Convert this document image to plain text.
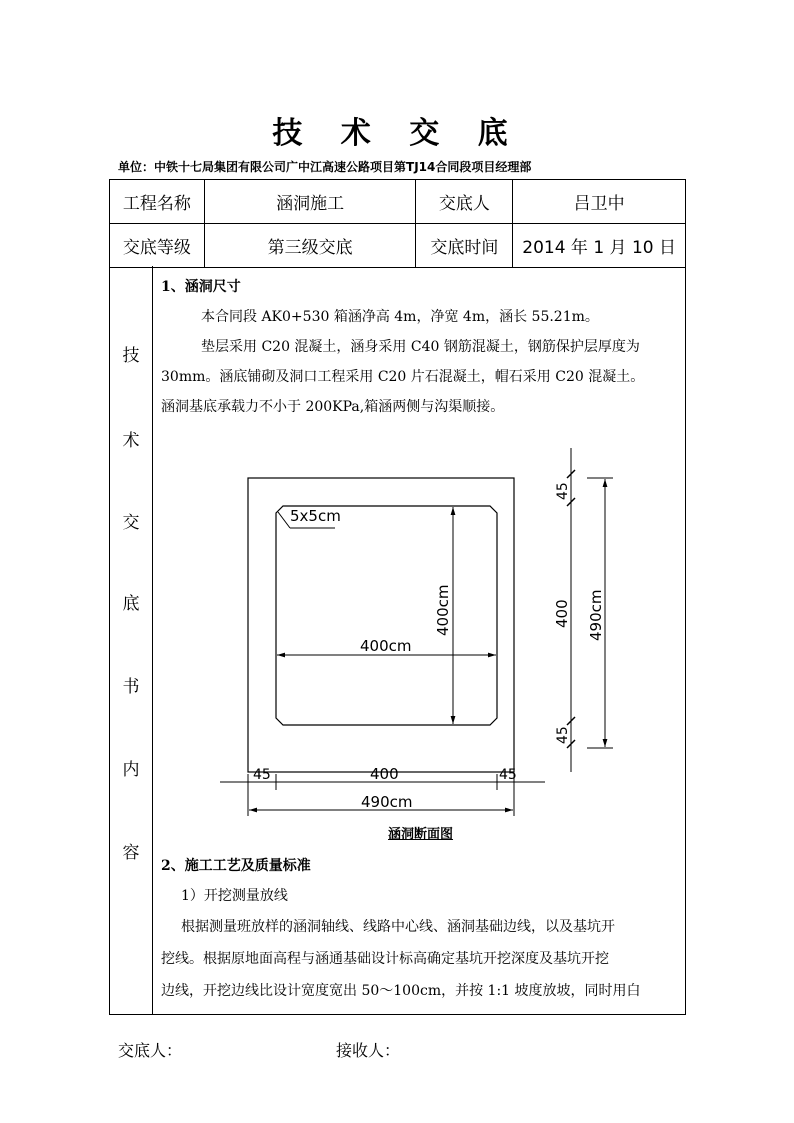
技 术 交 底
单位：中铁十七局集团有限公司广中江高速公路项目第TJ14合同段项目经理部
工程名称	涵洞施工	交底人	吕卫中
交底等级	第三级交底	交底时间	2014 年 1 月 10 日
技
术
交
底
书
内
容
1、涵洞尺寸
本合同段 AK0+530 箱涵净高 4m，净宽 4m，涵长 55.21m。
垫层采用 C20 混凝土，涵身采用 C40 钢筋混凝土，钢筋保护层厚度为
30mm。涵底铺砌及洞口工程采用 C20 片石混凝土，帽石采用 C20 混凝土。
涵洞基底承载力不小于 200KPa,箱涵两侧与沟渠顺接。
涵洞断面图
2、施工工艺及质量标准
1）开挖测量放线
根据测量班放样的涵洞轴线、线路中心线、涵洞基础边线，以及基坑开
挖线。根据原地面高程与涵通基础设计标高确定基坑开挖深度及基坑开挖
边线，开挖边线比设计宽度宽出 50～100cm，并按 1:1 坡度放坡，同时用白
5x5cm
400cm
400cm
45
400
45
490cm
45	400	45
490cm
交底人：	接收人：
